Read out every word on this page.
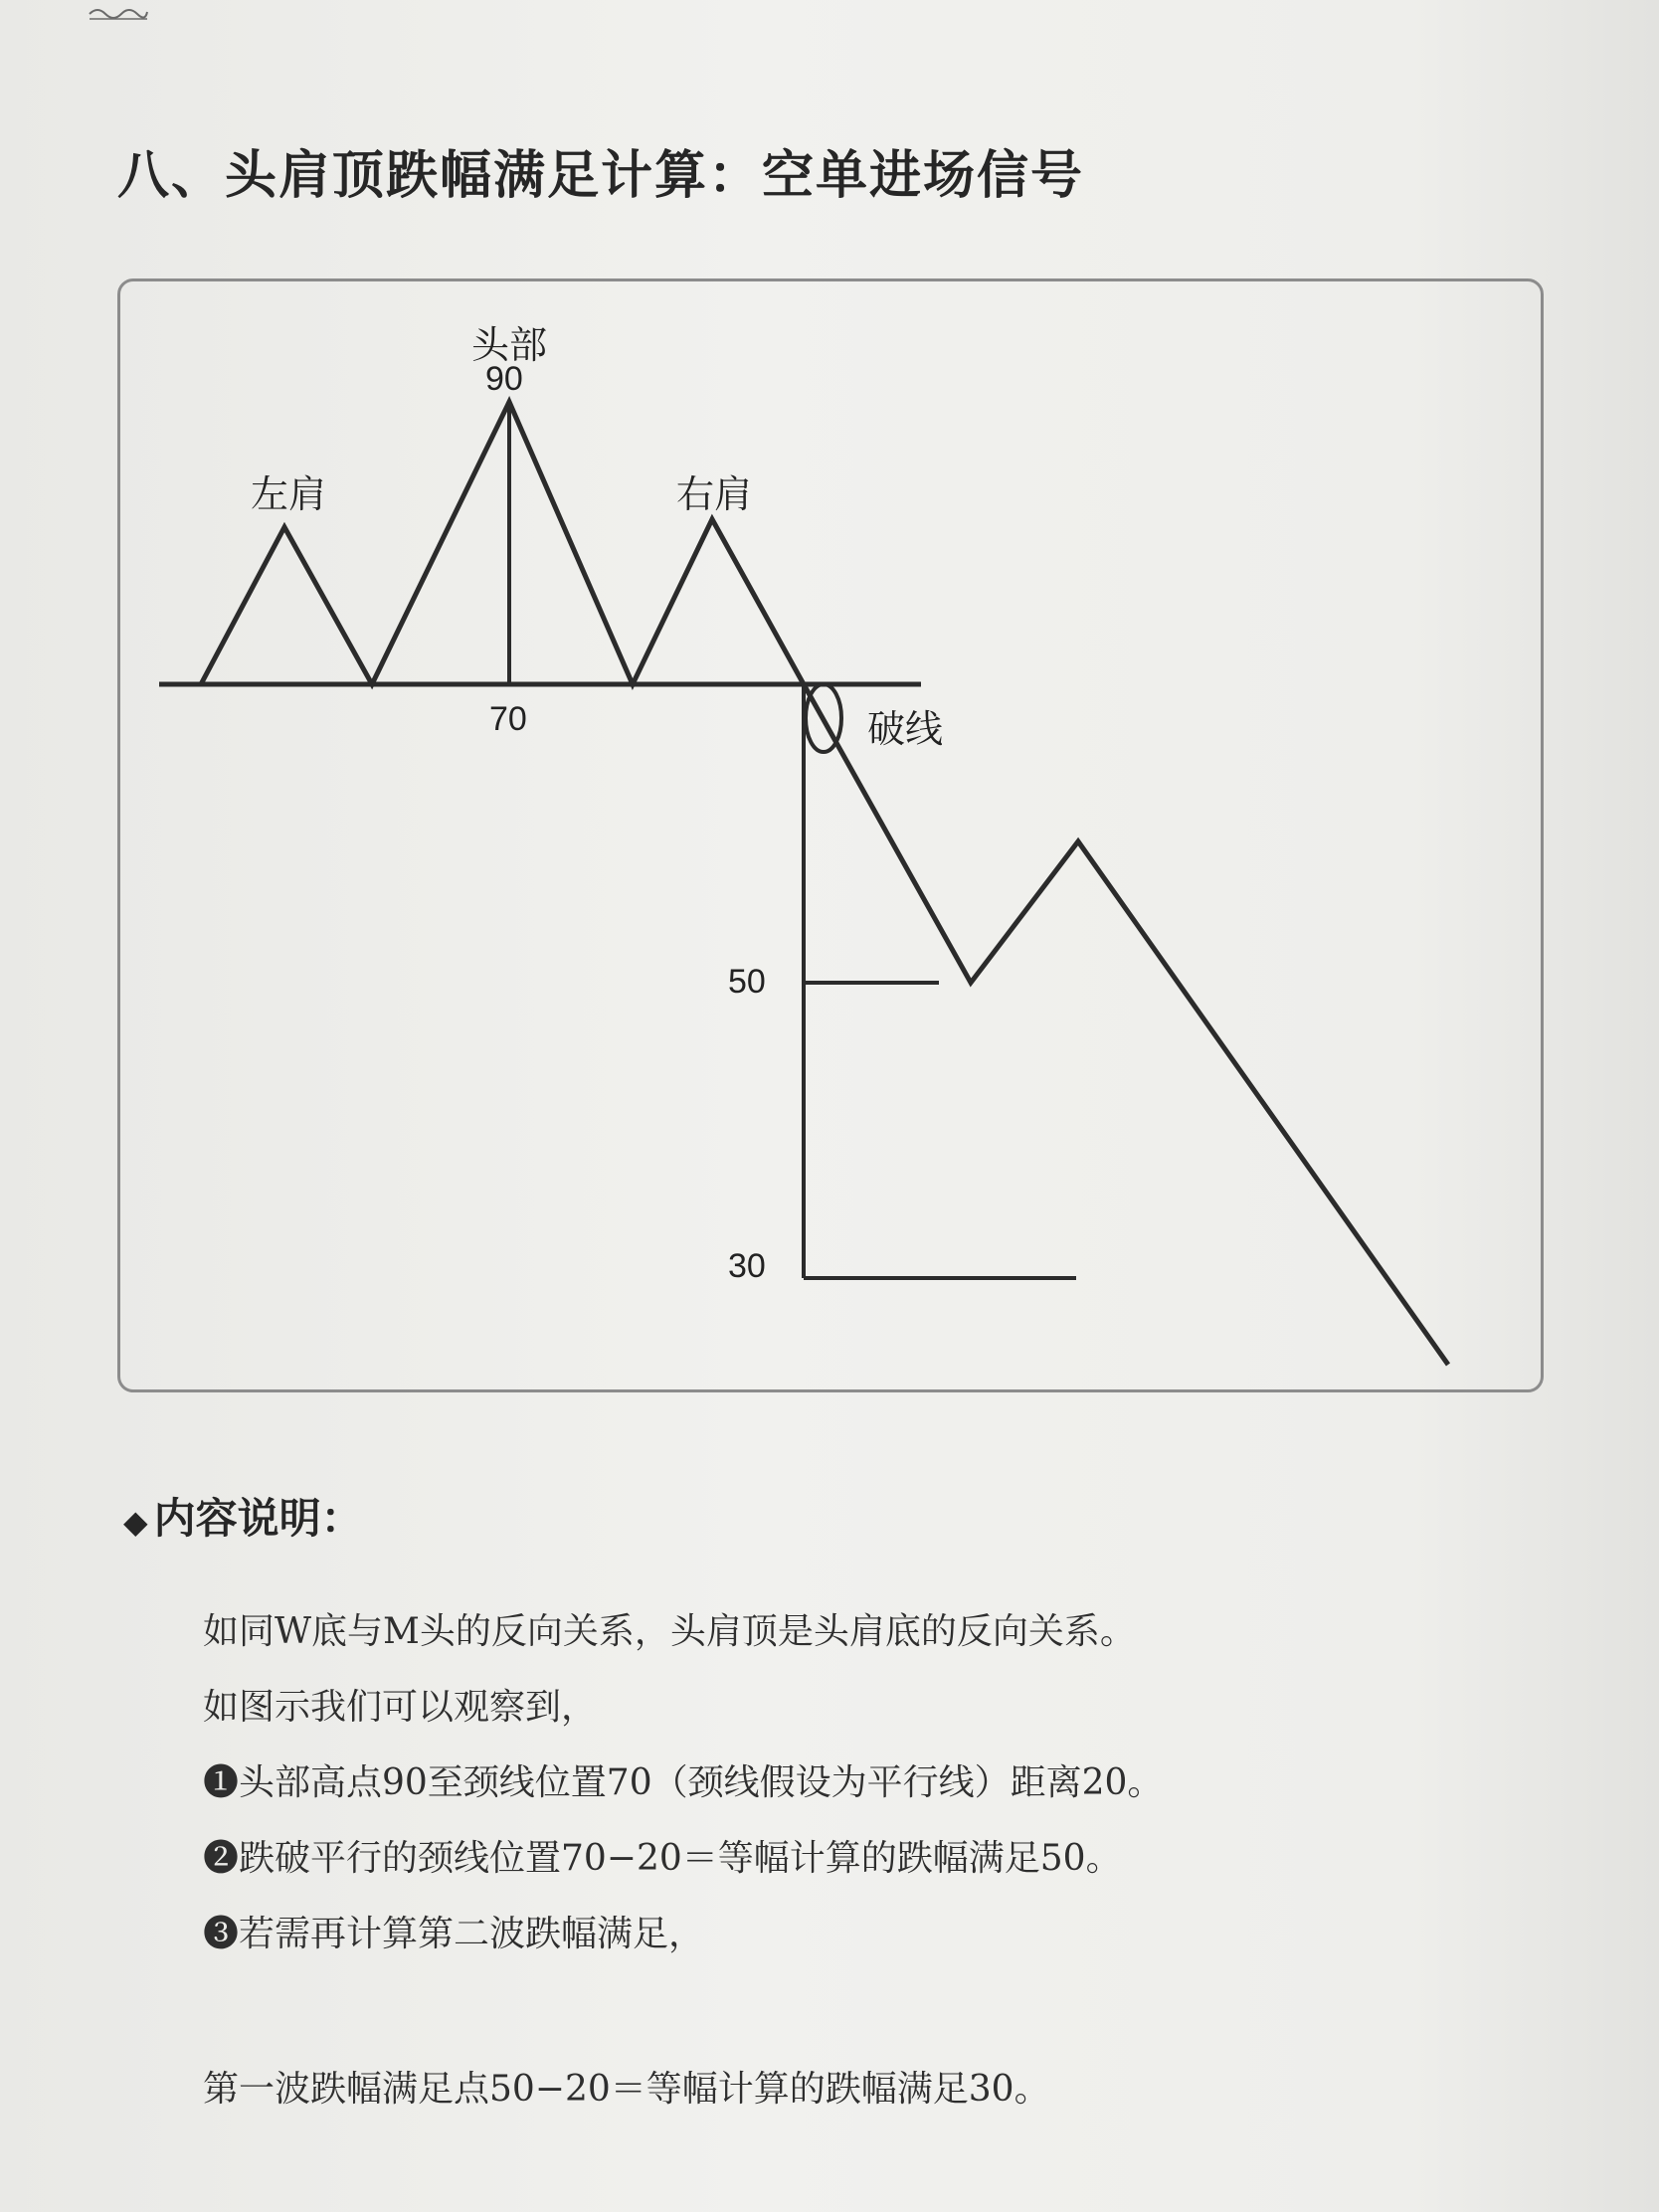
八、头肩顶跌幅满足计算：空单进场信号
左肩
头部
90
右肩
70	破线
50
30
◆ 内容说明：
如同W底与M头的反向关系，头肩顶是头肩底的反向关系。
如图示我们可以观察到，
❶头部高点90至颈线位置70（颈线假设为平行线）距离20。
❷跌破平行的颈线位置70−20＝等幅计算的跌幅满足50。
❸若需再计算第二波跌幅满足，
第一波跌幅满足点50−20＝等幅计算的跌幅满足30。
